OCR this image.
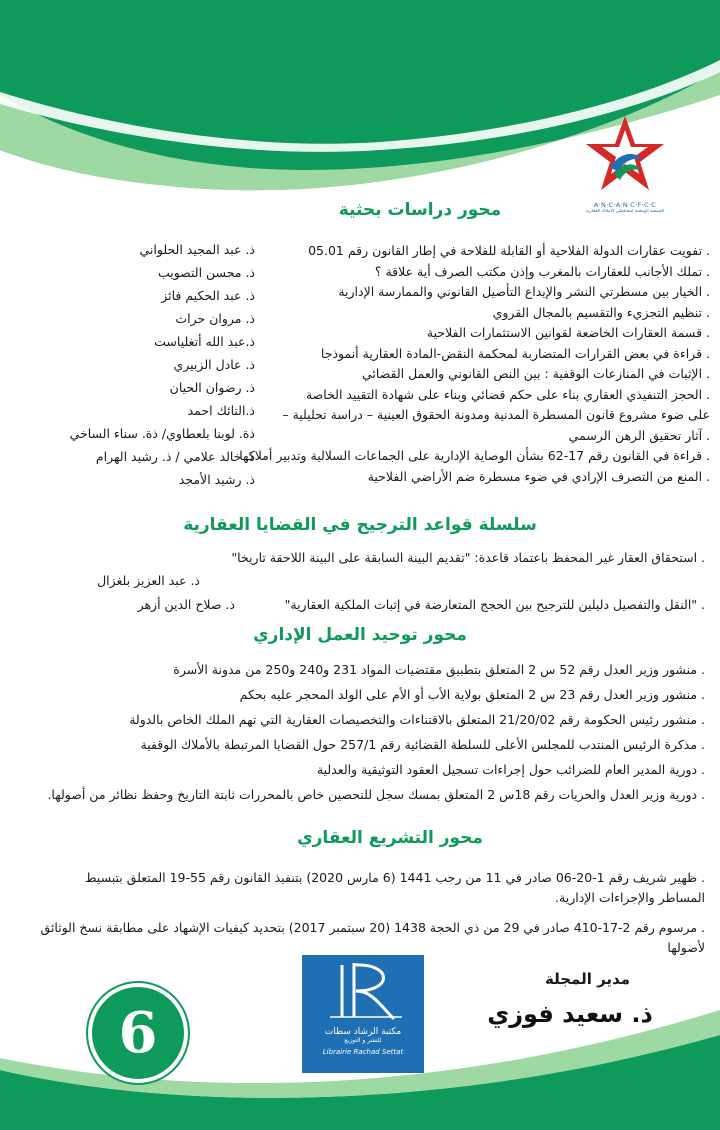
A·N·C·A·N·C·F·C·C
الجمعية الوطنية لمحافظي الأملاك العقارية
محور دراسات بحثية
. تفويت عقارات الدولة الفلاحية أو القابلة للفلاحة في إطار القانون رقم 05.01
. تملك الأجانب للعقارات بالمغرب وإذن مكتب الصرف أية علاقة ؟
. الخيار بين مسطرتي النشر والإيداع التأصيل القانوني والممارسة الإدارية
. تنظيم التجزيء والتقسيم بالمجال القروي
. قسمة العقارات الخاضعة لقوانين الاستثمارات الفلاحية
. قراءة في بعض القرارات المتضاربة لمحكمة النقض-المادة العقارية أنموذجا
. الإثبات في المنازعات الوقفية : بين النص القانوني والعمل القضائي
. الحجز التنفيذي العقاري بناء على حكم قضائي وبناء على شهادة التقييد الخاصة
على ضوء مشروع قانون المسطرة المدنية ومدونة الحقوق العينية – دراسة تحليلية –
. آثار تحقيق الرهن الرسمي
. قراءة في القانون رقم 17-62 بشأن الوصاية الإدارية على الجماعات السلالية وتدبير أملاكها
. المنع من التصرف الإرادي في ضوء مسطرة ضم الأراضي الفلاحية
ذ. عبد المجيد الحلواني
ذ. محسن التصويب
ذ. عبد الحكيم فائز
ذ. مروان حراث
ذ.عبد الله أتغلياست
ذ. عادل الزبيري
ذ. رضوان الحيان
ذ.التائك احمد
ذة. لوبنا بلعطاوي/ ذة. سناء الساخي
ذ. خالد علامي / ذ. رشيد الهرام
ذ. رشيد الأمجد
سلسلة قواعد الترجيح في القضايا العقارية

. استحقاق العقار غير المحفظ باعتماد قاعدة: "تقديم البينة السابقة على البينة اللاحقة تاريخا"

ذ. عبد العزيز بلغزال

. "النقل والتفصيل دليلين للترجيح بين الحجج المتعارضة في إثبات الملكية العقارية"

ذ. صلاح الدين أزهر

محور توحيد العمل الإداري
. منشور وزير العدل رقم 52 س 2 المتعلق بتطبيق مقتضيات المواد 231 و240 و250 من مدونة الأسرة
. منشور وزير العدل رقم 23 س 2 المتعلق بولاية الأب أو الأم على الولد المحجر عليه بحكم
. منشور رئيس الحكومة رقم 21/20/02 المتعلق بالاقتناءات والتخصيصات العقارية التي تهم الملك الخاص بالدولة
. مذكرة الرئيس المنتدب للمجلس الأعلى للسلطة القضائية رقم 257/1 حول القضايا المرتبطة بالأملاك الوقفية
. دورية المدير العام للضرائب حول إجراءات تسجيل العقود التوثيقية والعدلية
. دورية وزير العدل والحريات رقم 18س 2 المتعلق بمسك سجل للتحصين خاص بالمحررات ثابتة التاريخ وحفظ نظائر من أصولها.
محور التشريع العقاري
. ظهير شريف رقم 1-20-06 صادر في 11 من رجب 1441 (6 مارس 2020) بتنفيذ القانون رقم 55-19 المتعلق بتبسيط المساطر والإجراءات الإدارية.
. مرسوم رقم 2-17-410 صادر في 29 من ذي الحجة 1438 (20 سبتمبر 2017) بتحديد كيفيات الإشهاد على مطابقة نسخ الوثائق لأصولها
6	مكتبة الرشاد سطات
للنشر و التوزيع
Librairie Rachad Settat
مدير المجلة
ذ. سعيد فوزي
